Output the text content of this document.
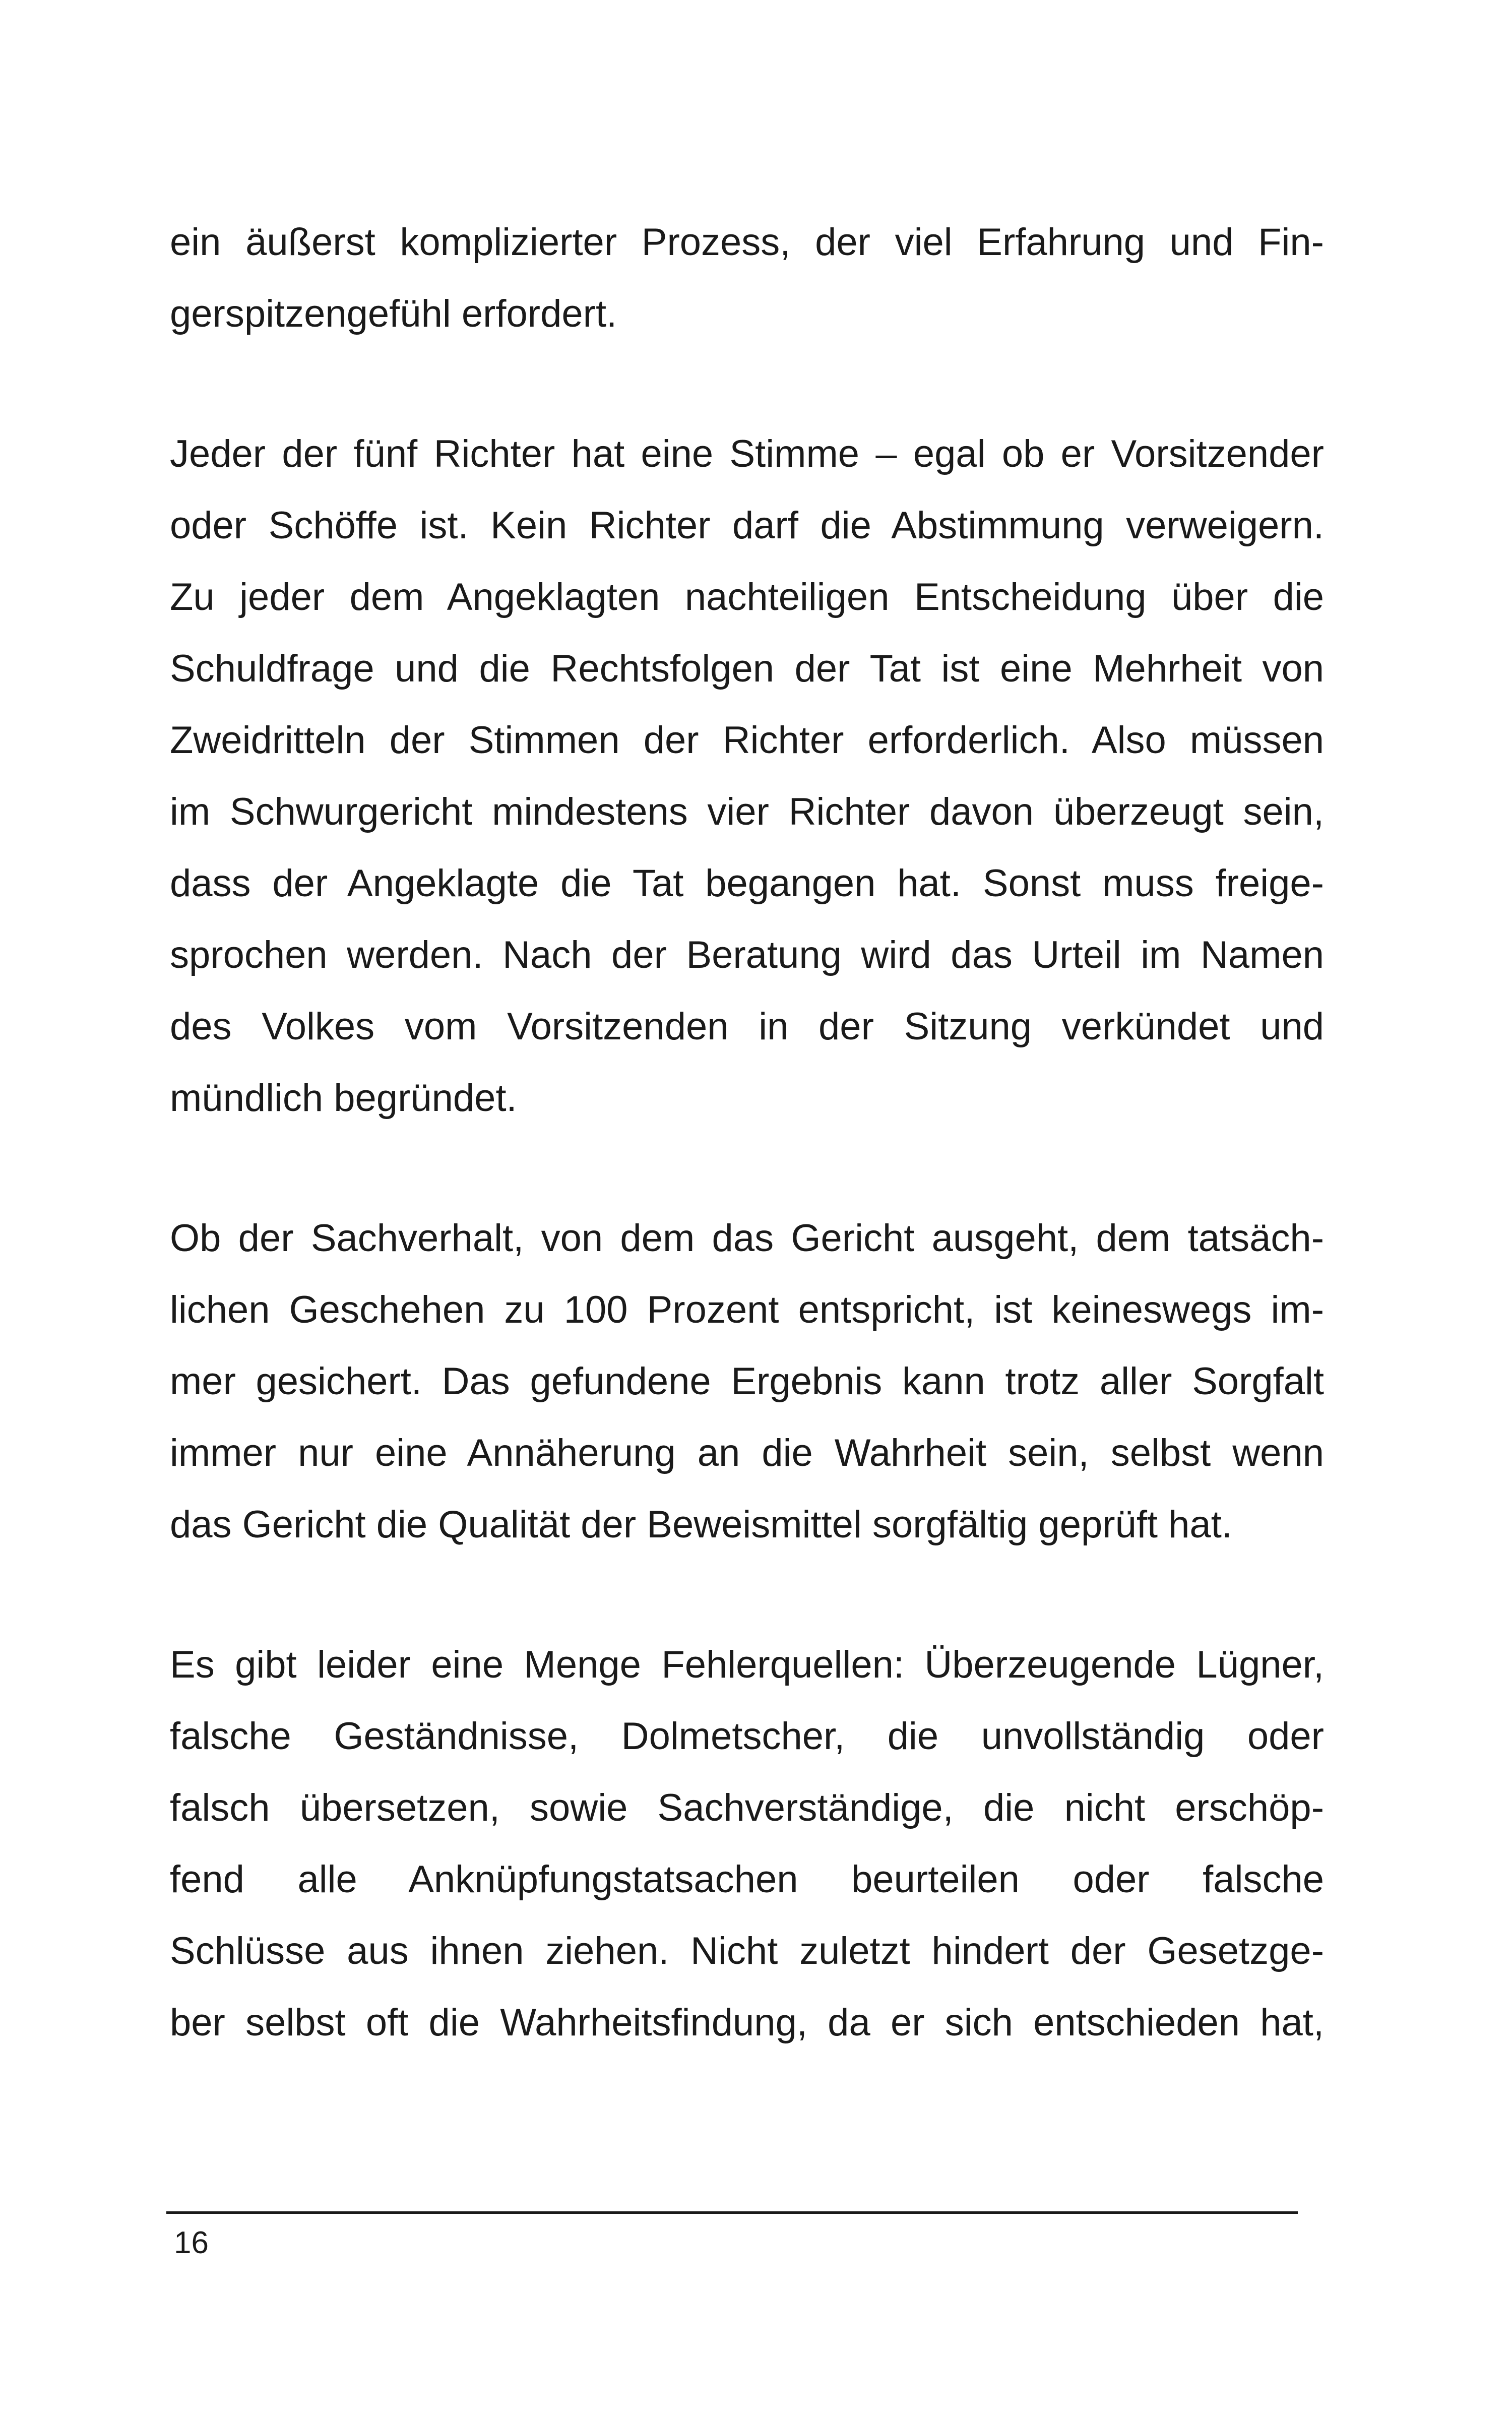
ein äußerst komplizierter Prozess, der viel Erfahrung und Fin-
gerspitzengefühl erfordert.

Jeder der fünf Richter hat eine Stimme – egal ob er Vorsitzender
oder Schöffe ist. Kein Richter darf die Abstimmung verweigern.
Zu jeder dem Angeklagten nachteiligen Entscheidung über die
Schuldfrage und die Rechtsfolgen der Tat ist eine Mehrheit von
Zweidritteln der Stimmen der Richter erforderlich. Also müssen
im Schwurgericht mindestens vier Richter davon überzeugt sein,
dass der Angeklagte die Tat begangen hat. Sonst muss freige-
sprochen werden. Nach der Beratung wird das Urteil im Namen
des Volkes vom Vorsitzenden in der Sitzung verkündet und
mündlich begründet.

Ob der Sachverhalt, von dem das Gericht ausgeht, dem tatsäch-
lichen Geschehen zu 100 Prozent entspricht, ist keineswegs im-
mer gesichert. Das gefundene Ergebnis kann trotz aller Sorgfalt
immer nur eine Annäherung an die Wahrheit sein, selbst wenn
das Gericht die Qualität der Beweismittel sorgfältig geprüft hat.

Es gibt leider eine Menge Fehlerquellen: Überzeugende Lügner,
falsche Geständnisse, Dolmetscher, die unvollständig oder
falsch übersetzen, sowie Sachverständige, die nicht erschöp-
fend alle Anknüpfungstatsachen beurteilen oder falsche
Schlüsse aus ihnen ziehen. Nicht zuletzt hindert der Gesetzge-
ber selbst oft die Wahrheitsfindung, da er sich entschieden hat,

16
